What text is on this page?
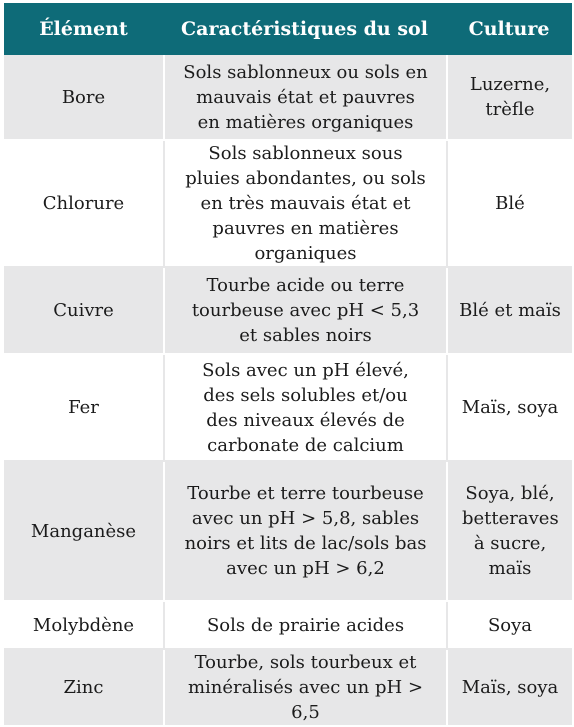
Élément	Caractéristiques du sol	Culture
Bore	Sols sablonneux ou sols en mauvais état et pauvres en matières organiques	Luzerne, trèfle
Chlorure	Sols sablonneux sous pluies abondantes, ou sols en très mauvais état et pauvres en matières organiques	Blé
Cuivre	Tourbe acide ou terre tourbeuse avec pH < 5,3 et sables noirs	Blé et maïs
Fer	Sols avec un pH élevé, des sels solubles et/ou des niveaux élevés de carbonate de calcium	Maïs, soya
Manganèse	Tourbe et terre tourbeuse avec un pH > 5,8, sables noirs et lits de lac/sols bas avec un pH > 6,2	Soya, blé, betteraves à sucre, maïs
Molybdène	Sols de prairie acides	Soya
Zinc	Tourbe, sols tourbeux et minéralisés avec un pH > 6,5	Maïs, soya
